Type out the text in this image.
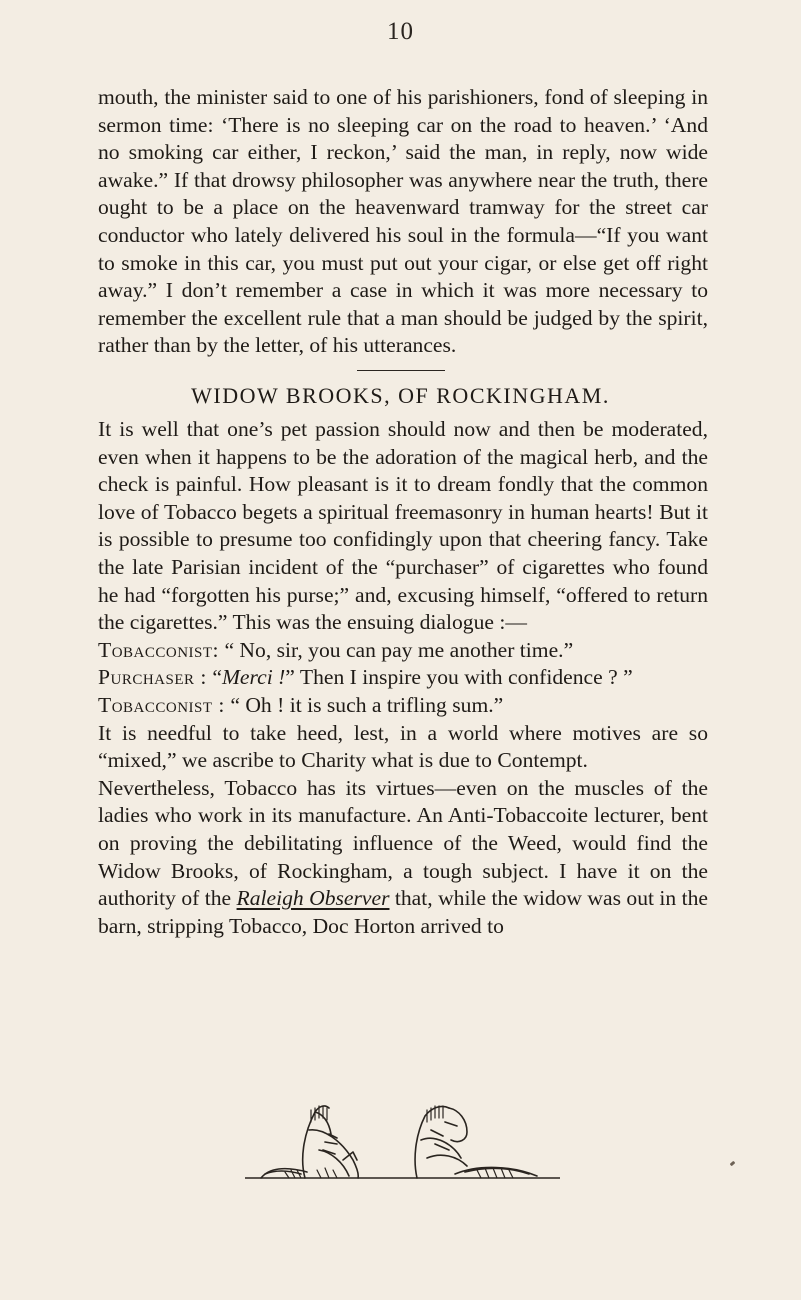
10

mouth, the minister said to one of his parishioners, fond of sleeping in sermon time: ‘There is no sleeping car on the road to heaven.’ ‘And no smoking car either, I reckon,’ said the man, in reply, now wide awake.” If that drowsy philosopher was anywhere near the truth, there ought to be a place on the heavenward tramway for the street car conductor who lately delivered his soul in the formula—“If you want to smoke in this car, you must put out your cigar, or else get off right away.” I don’t remember a case in which it was more necessary to remember the excellent rule that a man should be judged by the spirit, rather than by the letter, of his utterances.

WIDOW BROOKS, OF ROCKINGHAM.

It is well that one’s pet passion should now and then be moderated, even when it happens to be the adoration of the magical herb, and the check is painful. How pleasant is it to dream fondly that the common love of Tobacco begets a spiritual freemasonry in human hearts! But it is possible to presume too confidingly upon that cheering fancy. Take the late Parisian incident of the “purchaser” of cigarettes who found he had “forgotten his purse;” and, excusing himself, “offered to return the cigarettes.” This was the ensuing dialogue :—

Tobacconist: “ No, sir, you can pay me another time.”

Purchaser : “Merci !” Then I inspire you with confidence ? ”

Tobacconist : “ Oh ! it is such a trifling sum.”

It is needful to take heed, lest, in a world where motives are so “mixed,” we ascribe to Charity what is due to Contempt.

Nevertheless, Tobacco has its virtues—even on the muscles of the ladies who work in its manufacture. An Anti-Tobaccoite lecturer, bent on proving the debilitating influence of the Weed, would find the Widow Brooks, of Rockingham, a tough subject. I have it on the authority of the Raleigh Observer that, while the widow was out in the barn, stripping Tobacco, Doc Horton arrived to
